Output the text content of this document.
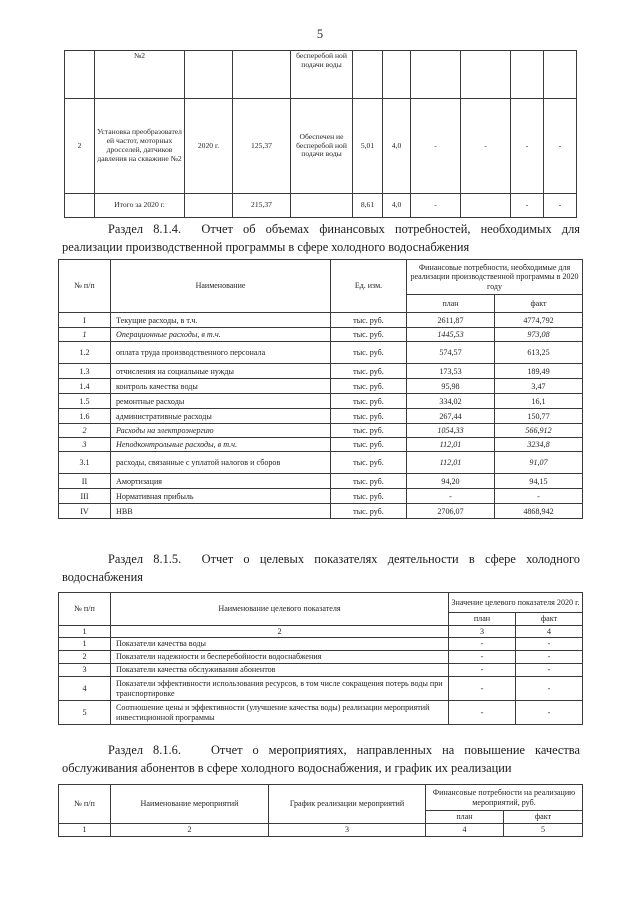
5
	№2			бесперебой ной подачи воды						
2	Установка преобразовател ей частот, моторных дросселей, датчиков давления на скважине №2	2020 г.	125,37	Обеспечен ие бесперебой ной подачи воды	5,01	4,0	-	-	-	-
	Итого за 2020 г.		215,37		8,61	4,0	-		-	-
Раздел 8.1.4. Отчет об объемах финансовых потребностей, необходимых для реализации производственной программы в сфере холодного водоснабжения
№ п/п	Наименование	Ед. изм.	Финансовые потребности, необходимые для реализации производственной программы в 2020 году	
			план	факт
I	Текущие расходы, в т.ч.	тыс. руб.	2611,87	4774,792
1	Операционные расходы, в т.ч.	тыс. руб.	1445,53	973,08
1.2	оплата труда производственного персонала	тыс. руб.	574,57	613,25
1.3	отчисления на социальные нужды	тыс. руб.	173,53	189,49
1.4	контроль качества воды	тыс. руб.	95,98	3,47
1.5	ремонтные расходы	тыс. руб.	334,02	16,1
1.6	административные расходы	тыс. руб.	267,44	150,77
2	Расходы на электроэнергию	тыс. руб.	1054,33	566,912
3	Неподконтрольные расходы, в т.ч.	тыс. руб.	112,01	3234,8
3.1	расходы, связанные с уплатой налогов и сборов	тыс. руб.	112,01	91,07
II	Амортизация	тыс. руб.	94,20	94,15
III	Нормативная прибыль	тыс. руб.	-	-
IV	НВВ	тыс. руб.	2706,07	4868,942
Раздел 8.1.5. Отчет о целевых показателях деятельности в сфере холодного водоснабжения
№ п/п	Наименование целевого показателя	Значение целевого показателя 2020 г.	
		план	факт
1	2	3	4
1	Показатели качества воды	-	-
2	Показатели надежности и бесперебойности водоснабжения	-	-
3	Показатели качества обслуживания абонентов	-	-
4	Показатели эффективности использования ресурсов, в том числе сокращения потерь воды при транспортировке	-	-
5	Соотношение цены и эффективности (улучшение качества воды) реализации мероприятий инвестиционной программы	-	-
Раздел 8.1.6. Отчет о мероприятиях, направленных на повышение качества обслуживания абонентов в сфере холодного водоснабжения, и график их реализации
№ п/п	Наименование мероприятий	График реализации мероприятий	Финансовые потребности на реализацию мероприятий, руб.	
			план	факт
1	2	3	4	5
